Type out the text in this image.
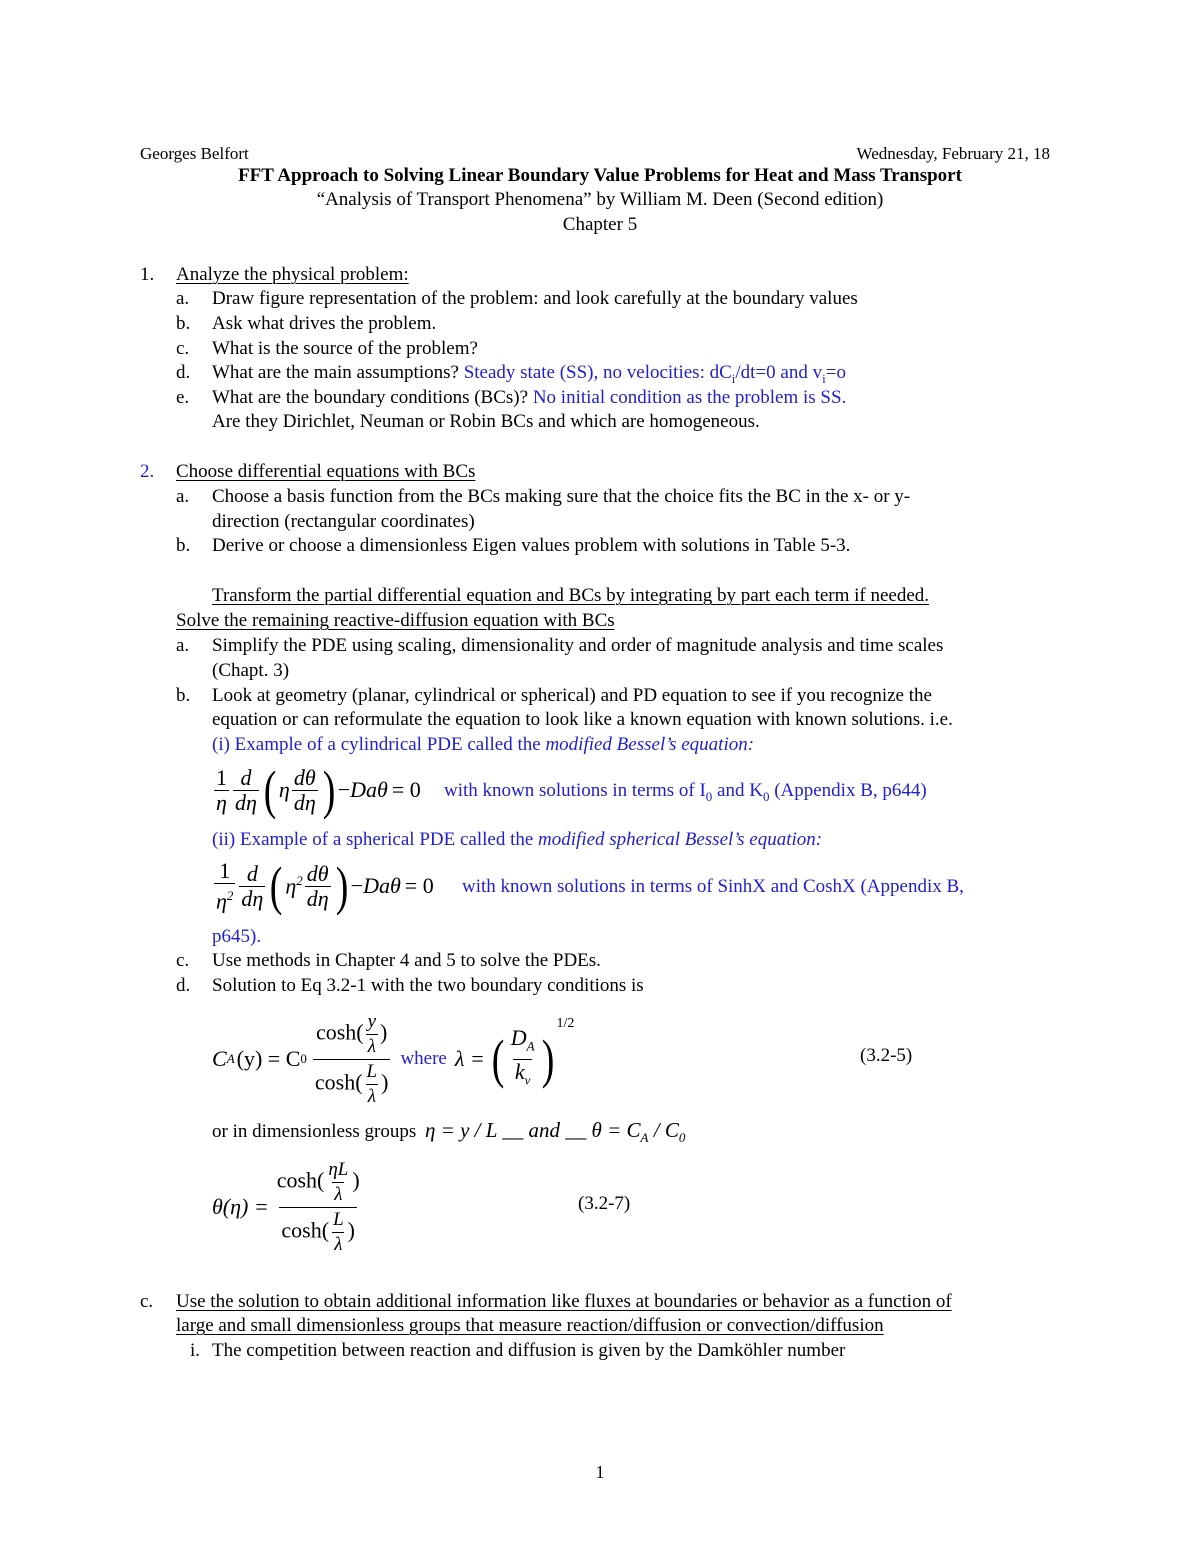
Georges Belfort	Wednesday, February 21, 18
FFT Approach to Solving Linear Boundary Value Problems for Heat and Mass Transport
“Analysis of Transport Phenomena” by William M. Deen (Second edition)
Chapter 5
1. Analyze the physical problem:
a. Draw figure representation of the problem: and look carefully at the boundary values
b. Ask what drives the problem.
c. What is the source of the problem?
d. What are the main assumptions? Steady state (SS), no velocities: $dC_i/dt=0$ and $v_i=o$
e. What are the boundary conditions (BCs)? No initial condition as the problem is SS.
Are they Dirichlet, Neuman or Robin BCs and which are homogeneous.
2. Choose differential equations with BCs
a. Choose a basis function from the BCs making sure that the choice fits the BC in the x- or y-
direction (rectangular coordinates)
b. Derive or choose a dimensionless Eigen values problem with solutions in Table 5-3.
Transform the partial differential equation and BCs by integrating by part each term if needed.
Solve the remaining reactive-diffusion equation with BCs
a. Simplify the PDE using scaling, dimensionality and order of magnitude analysis and time scales
(Chapt. 3)
b. Look at geometry (planar, cylindrical or spherical) and PD equation to see if you recognize the
equation or can reformulate the equation to look like a known equation with known solutions. i.e.
(i) Example of a cylindrical PDE called the modified Bessel’s equation:
$\frac{1}{\eta} \frac{d}{d\eta}$ ( η $\frac{d\theta}{d\eta}$ ) − Da θ = 0 with known solutions in terms of $I_0$ and $K_0$ (Appendix B, p644)
(ii) Example of a spherical PDE called the modified spherical Bessel’s equation:
$\frac{1}{\eta^2} \frac{d}{d\eta}$ ( $\eta^2 \frac{d\theta}{d\eta}$ ) − Da θ = 0 with known solutions in terms of SinhX and CoshX (Appendix B,
p645).
c. Use methods in Chapter 4 and 5 to solve the PDEs.
d. Solution to Eq 3.2-1 with the two boundary conditions is
C A (y) = C $0 \frac{\cosh( \frac{y}{\lambda} )}{\cosh( \frac{L}{\lambda} )}$ where λ = ( $\frac{D_A}{k_v}$ )
1/2
(3.2-5)
or in dimensionless groups η = y / L __ and __ $\theta = C_A / C_0$
$\theta(\eta) = \frac{\cosh( \frac{\eta L}{\lambda} )}{\cosh( \frac{L}{\lambda} )}$	(3.2-7)
c. Use the solution to obtain additional information like fluxes at boundaries or behavior as a function of
large and small dimensionless groups that measure reaction/diffusion or convection/diffusion
i. The competition between reaction and diffusion is given by the Damköhler number
1
